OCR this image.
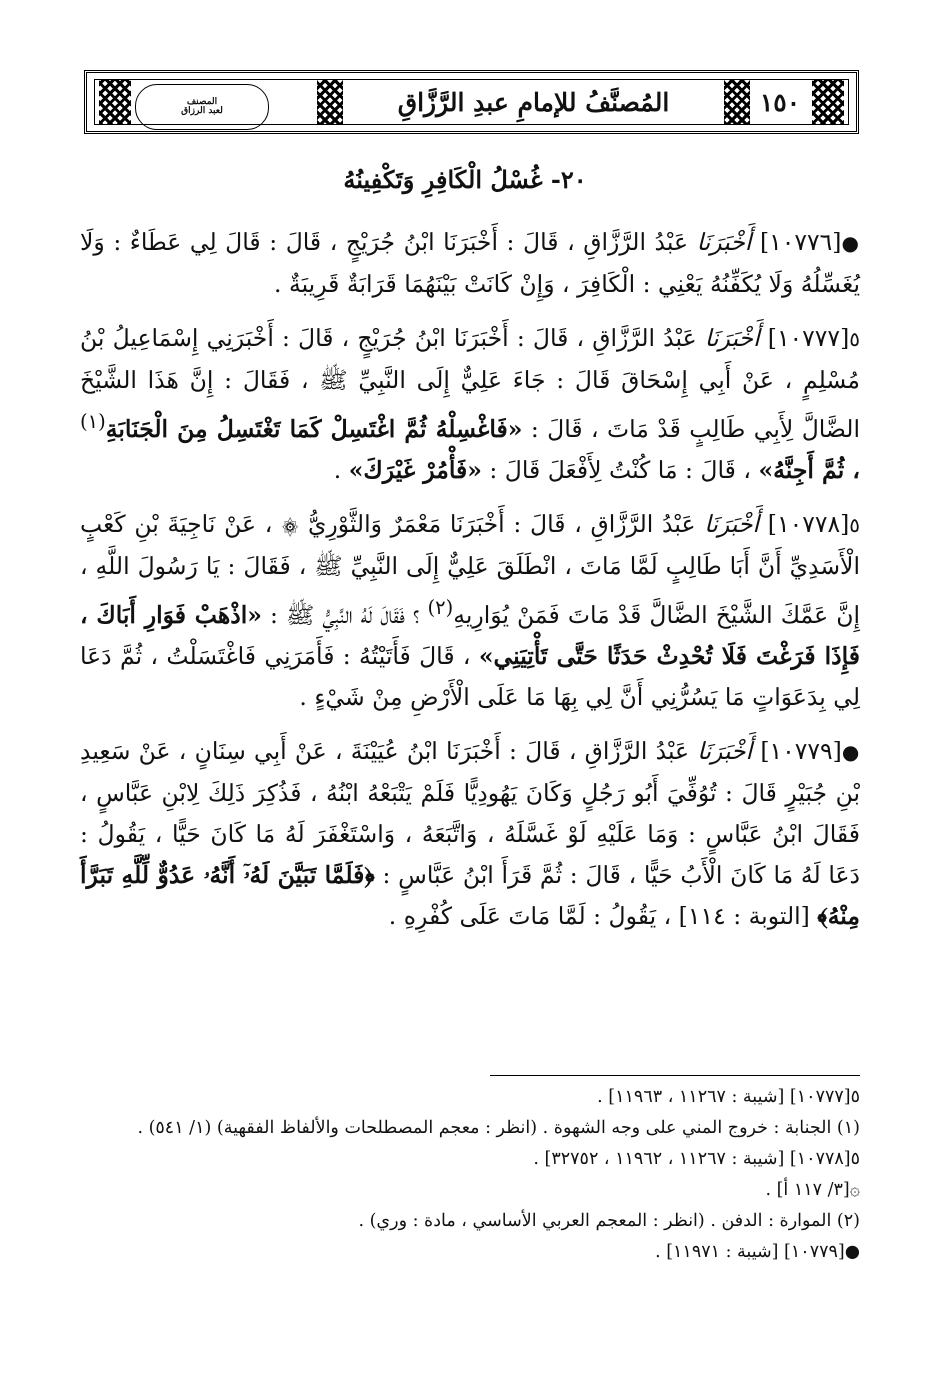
المصنف
لعبد الرزاق	المُصنَّفُ للإمامِ عبدِ الرَّزَّاقِ	١٥٠
٢٠- غُسْلُ الْكَافِرِ وَتَكْفِينُهُ

●[١٠٧٧٦] أَخْبَرَنَا عَبْدُ الرَّزَّاقِ ، قَالَ : أَخْبَرَنَا ابْنُ جُرَيْجٍ ، قَالَ : قَالَ لِي عَطَاءٌ : وَلَا يُغَسِّلُهُ وَلَا يُكَفِّنُهُ يَعْنِي : الْكَافِرَ ، وَإِنْ كَانَتْ بَيْنَهُمَا قَرَابَةٌ قَرِيبَةٌ .

٥[١٠٧٧٧] أَخْبَرَنَا عَبْدُ الرَّزَّاقِ ، قَالَ : أَخْبَرَنَا ابْنُ جُرَيْجٍ ، قَالَ : أَخْبَرَنِي إِسْمَاعِيلُ بْنُ مُسْلِمٍ ، عَنْ أَبِي إِسْحَاقَ قَالَ : جَاءَ عَلِيٌّ إِلَى النَّبِيِّ ﷺ ، فَقَالَ : إِنَّ هَذَا الشَّيْخَ الضَّالَّ لِأَبِي طَالِبٍ قَدْ مَاتَ ، قَالَ : «فَاغْسِلْهُ ثُمَّ اغْتَسِلْ كَمَا تَغْتَسِلُ مِنَ الْجَنَابَةِ$^{(١)}$ ، ثُمَّ أَجِنَّهُ» ، قَالَ : مَا كُنْتُ لِأَفْعَلَ قَالَ : «فَأْمُرْ غَيْرَكَ» .

٥[١٠٧٧٨] أَخْبَرَنَا عَبْدُ الرَّزَّاقِ ، قَالَ : أَخْبَرَنَا مَعْمَرٌ وَالثَّوْرِيُّ ۞ ، عَنْ نَاجِيَةَ بْنِ كَعْبٍ الْأَسَدِيِّ أَنَّ أَبَا طَالِبٍ لَمَّا مَاتَ ، انْطَلَقَ عَلِيٌّ إِلَى النَّبِيِّ ﷺ ، فَقَالَ : يَا رَسُولَ اللَّهِ ، إِنَّ عَمَّكَ الشَّيْخَ الضَّالَّ قَدْ مَاتَ فَمَنْ يُوَارِيهِ$^{(٢)}$ ؟ فَقَالَ لَهُ النَّبِيُّ ﷺ : «اذْهَبْ فَوَارِ أَبَاكَ ، فَإِذَا فَرَغْتَ فَلَا تُحْدِثْ حَدَثًا حَتَّى تَأْتِيَنِي» ، قَالَ فَأَتَيْتُهُ : فَأَمَرَنِي فَاغْتَسَلْتُ ، ثُمَّ دَعَا لِي بِدَعَوَاتٍ مَا يَسُرُّنِي أَنَّ لِي بِهَا مَا عَلَى الْأَرْضِ مِنْ شَيْءٍ .

●[١٠٧٧٩] أَخْبَرَنَا عَبْدُ الرَّزَّاقِ ، قَالَ : أَخْبَرَنَا ابْنُ عُيَيْنَةَ ، عَنْ أَبِي سِنَانٍ ، عَنْ سَعِيدِ بْنِ جُبَيْرٍ قَالَ : تُوُفِّيَ أَبُو رَجُلٍ وَكَانَ يَهُودِيًّا فَلَمْ يَتْبَعْهُ ابْنُهُ ، فَذُكِرَ ذَلِكَ لِابْنِ عَبَّاسٍ ، فَقَالَ ابْنُ عَبَّاسٍ : وَمَا عَلَيْهِ لَوْ غَسَّلَهُ ، وَاتَّبَعَهُ ، وَاسْتَغْفَرَ لَهُ مَا كَانَ حَيًّا ، يَقُولُ : دَعَا لَهُ مَا كَانَ الْأَبُ حَيًّا ، قَالَ : ثُمَّ قَرَأَ ابْنُ عَبَّاسٍ : ﴿فَلَمَّا تَبَيَّنَ لَهُۥٓ أَنَّهُۥ عَدُوٌّ لِّلَّهِ تَبَرَّأَ مِنْهُ﴾ [التوبة : ١١٤] ، يَقُولُ : لَمَّا مَاتَ عَلَى كُفْرِهِ .

٥[١٠٧٧٧] [شيبة : ١١٢٦٧ ، ١١٩٦٣] .

(١) الجنابة : خروج المني على وجه الشهوة . (انظر : معجم المصطلحات والألفاظ الفقهية) (١/ ٥٤١) .

٥[١٠٧٧٨] [شيبة : ١١٢٦٧ ، ١١٩٦٢ ، ٣٢٧٥٢] .

۞[٣/ ١١٧ أ] .

(٢) الموارة : الدفن . (انظر : المعجم العربي الأساسي ، مادة : وري) .

●[١٠٧٧٩] [شيبة : ١١٩٧١] .
